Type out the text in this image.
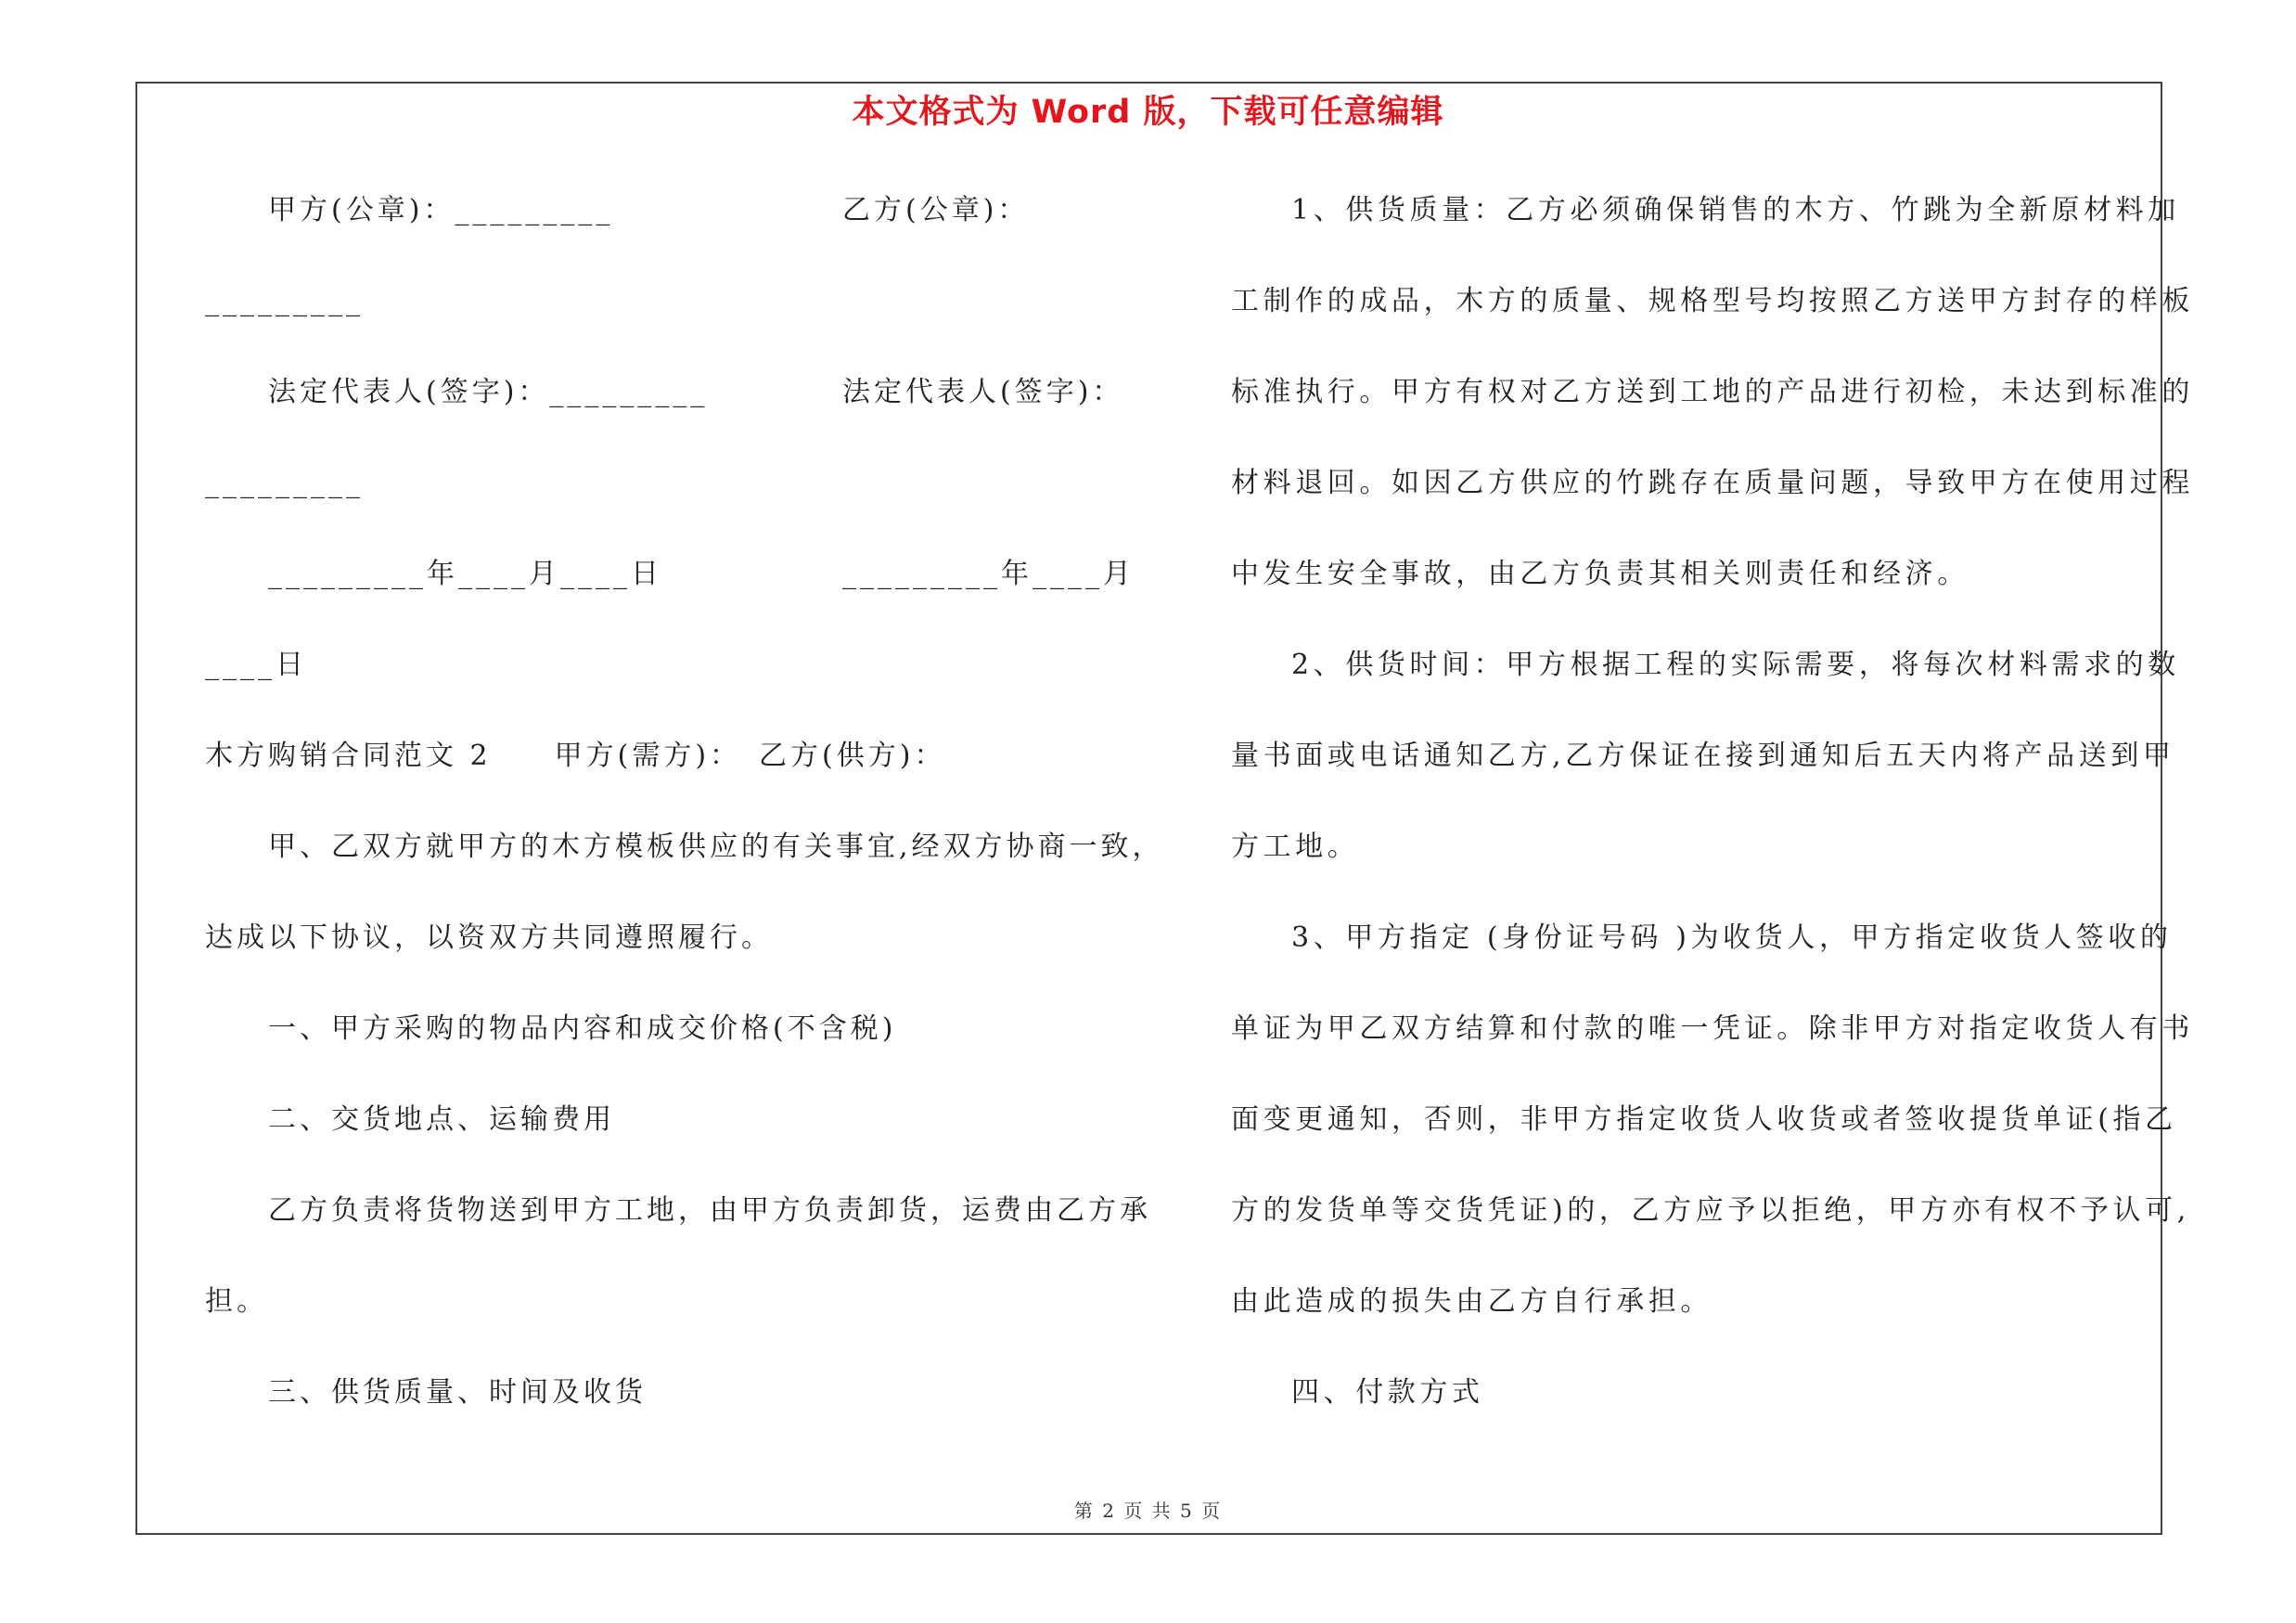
本文格式为 Word 版，下载可任意编辑
甲方(公章)：_________	乙方(公章)：
_________
法定代表人(签字)：_________	法定代表人(签字)：
_________
_________年____月____日	_________年____月
____日
木方购销合同范文 2　　甲方(需方)：　乙方(供方)：
甲、乙双方就甲方的木方模板供应的有关事宜,经双方协商一致，
达成以下协议，以资双方共同遵照履行。
一、甲方采购的物品内容和成交价格(不含税)
二、交货地点、运输费用
乙方负责将货物送到甲方工地，由甲方负责卸货，运费由乙方承
担。
三、供货质量、时间及收货
1、供货质量：乙方必须确保销售的木方、竹跳为全新原材料加
工制作的成品，木方的质量、规格型号均按照乙方送甲方封存的样板
标准执行。甲方有权对乙方送到工地的产品进行初检，未达到标准的
材料退回。如因乙方供应的竹跳存在质量问题，导致甲方在使用过程
中发生安全事故，由乙方负责其相关则责任和经济。
2、供货时间：甲方根据工程的实际需要，将每次材料需求的数
量书面或电话通知乙方,乙方保证在接到通知后五天内将产品送到甲
方工地。
3、甲方指定 (身份证号码 )为收货人，甲方指定收货人签收的
单证为甲乙双方结算和付款的唯一凭证。除非甲方对指定收货人有书
面变更通知，否则，非甲方指定收货人收货或者签收提货单证(指乙
方的发货单等交货凭证)的，乙方应予以拒绝，甲方亦有权不予认可,
由此造成的损失由乙方自行承担。
四、付款方式
第 2 页 共 5 页
